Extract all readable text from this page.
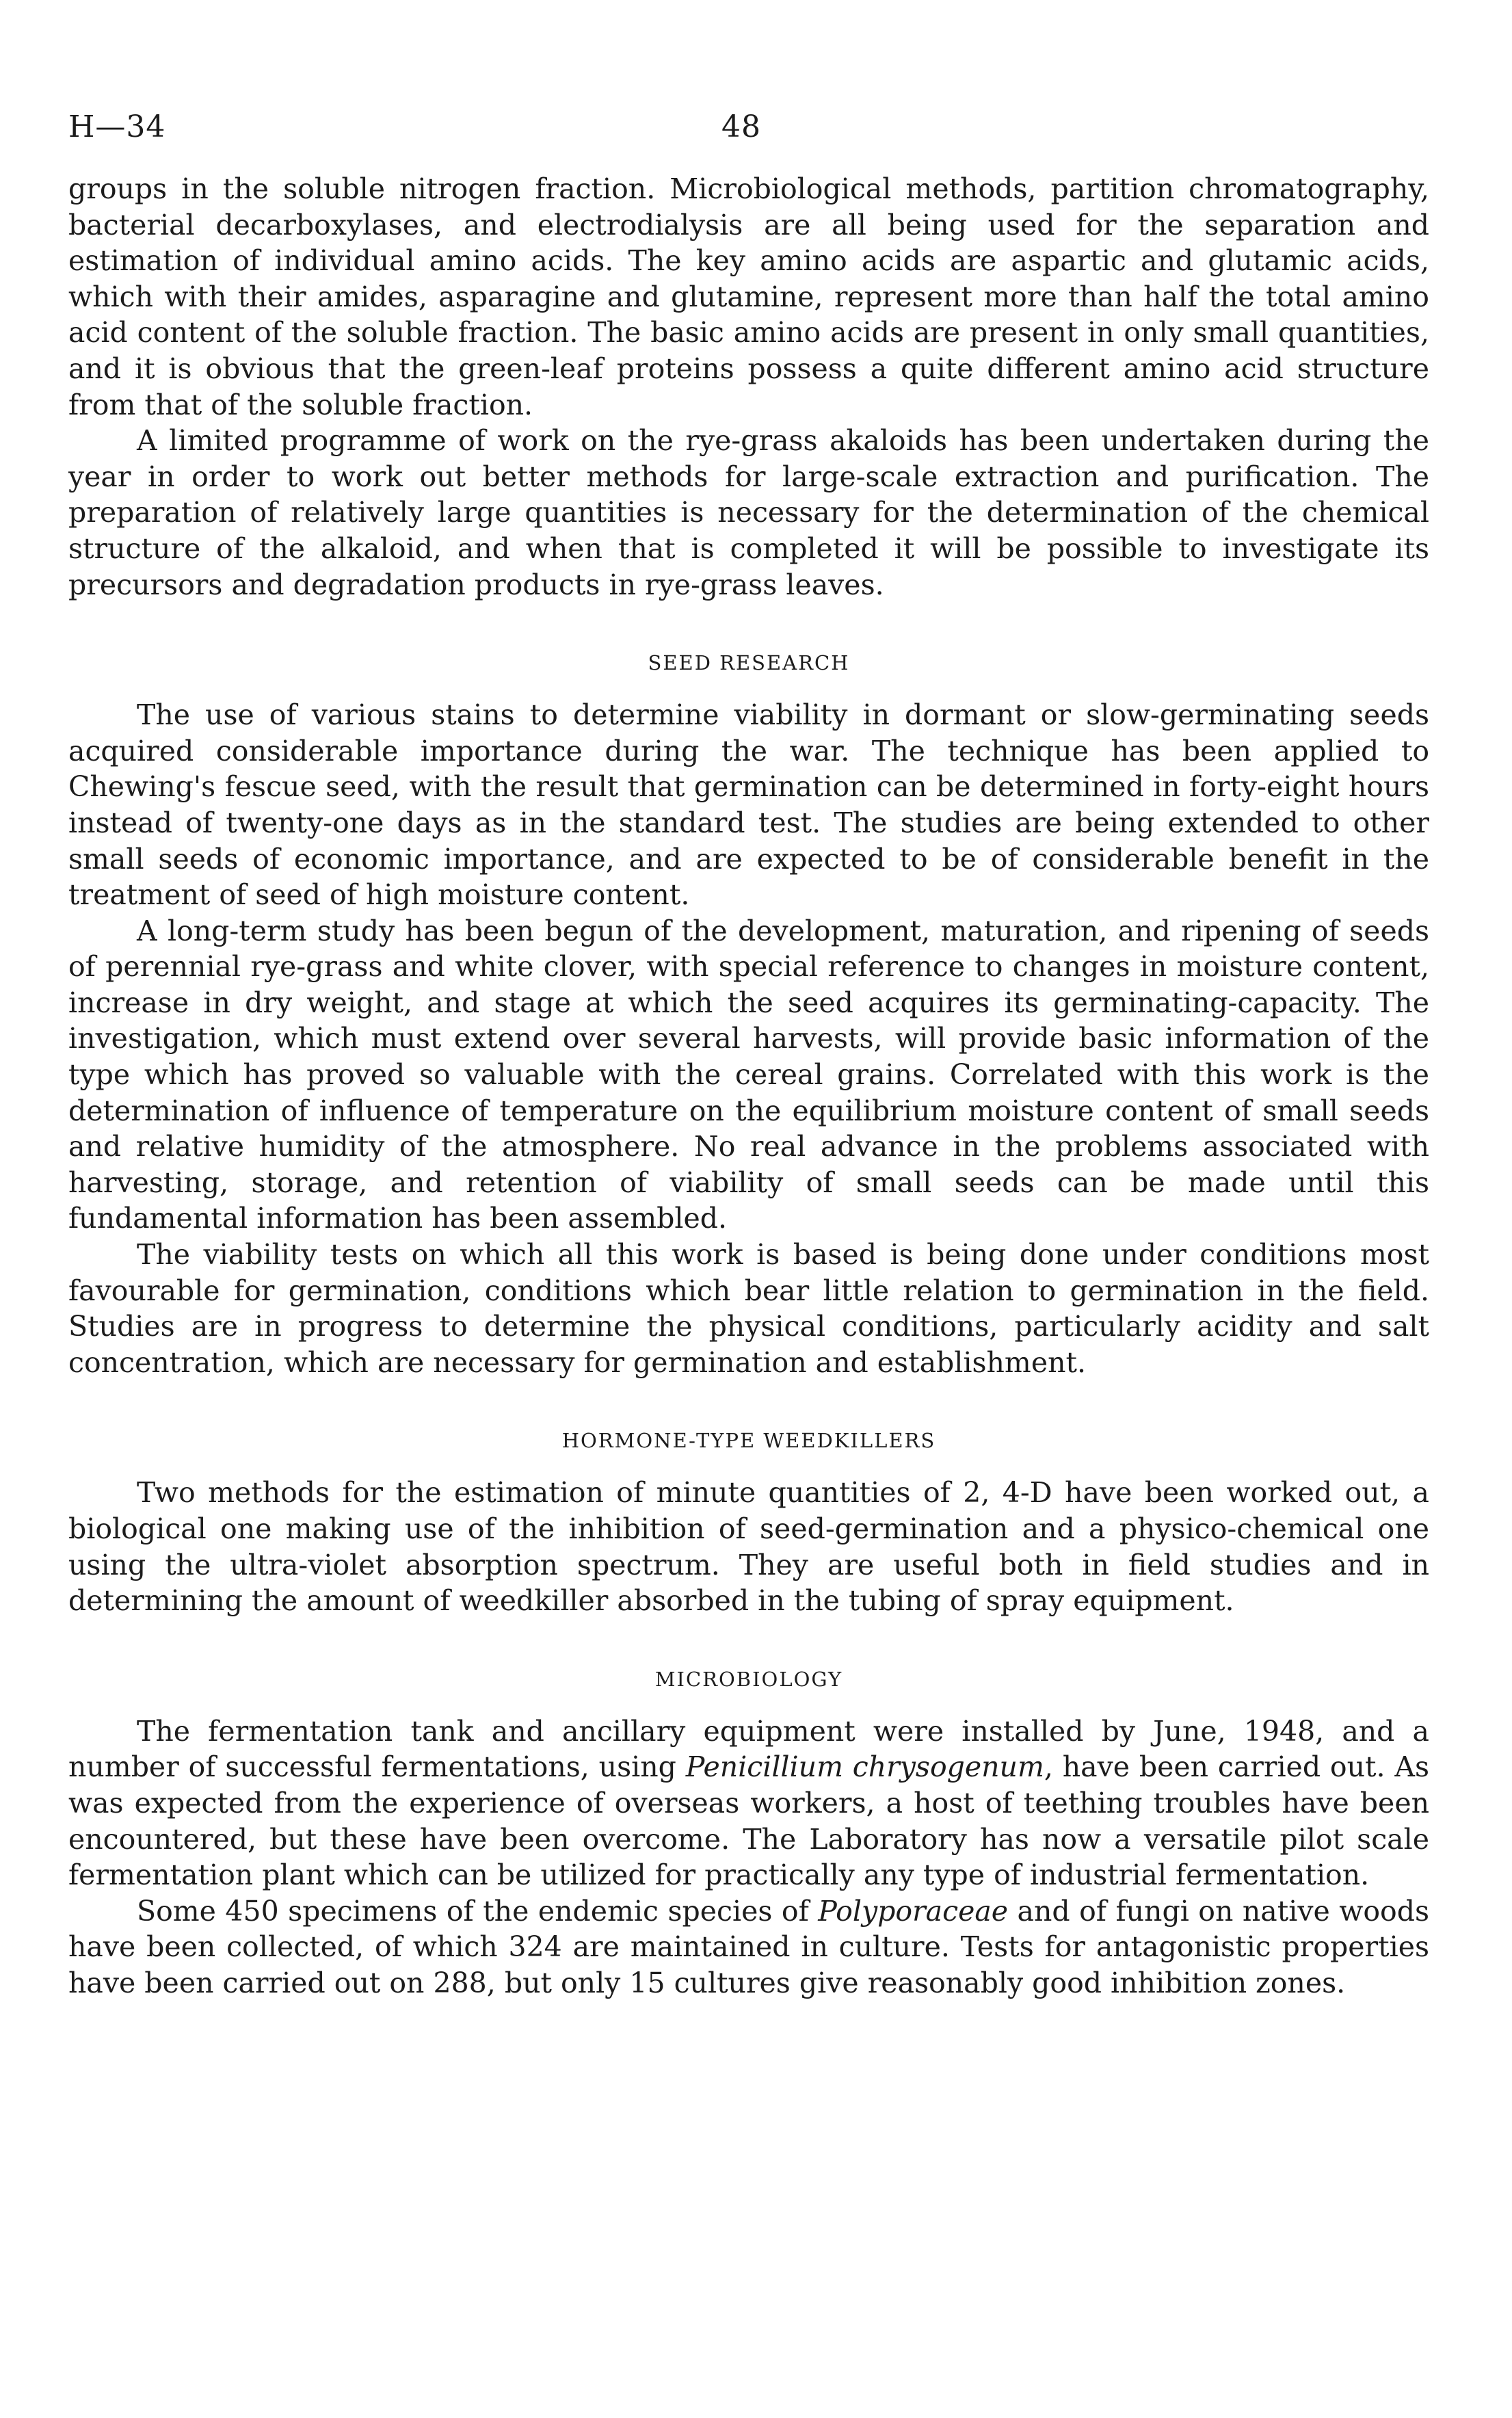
H—34	48

groups in the soluble nitrogen fraction. Microbiological methods, partition chromatography, bacterial decarboxylases, and electrodialysis are all being used for the separation and estimation of individual amino acids. The key amino acids are aspartic and glutamic acids, which with their amides, asparagine and glutamine, represent more than half the total amino acid content of the soluble fraction. The basic amino acids are present in only small quantities, and it is obvious that the green-leaf proteins possess a quite different amino acid structure from that of the soluble fraction.

A limited programme of work on the rye-grass akaloids has been undertaken during the year in order to work out better methods for large-scale extraction and purification. The preparation of relatively large quantities is necessary for the determination of the chemical structure of the alkaloid, and when that is completed it will be possible to investigate its precursors and degradation products in rye-grass leaves.

SEED RESEARCH

The use of various stains to determine viability in dormant or slow-germinating seeds acquired considerable importance during the war. The technique has been applied to Chewing's fescue seed, with the result that germination can be determined in forty-eight hours instead of twenty-one days as in the standard test. The studies are being extended to other small seeds of economic importance, and are expected to be of considerable benefit in the treatment of seed of high moisture content.

A long-term study has been begun of the development, maturation, and ripening of seeds of perennial rye-grass and white clover, with special reference to changes in moisture content, increase in dry weight, and stage at which the seed acquires its germinating-capacity. The investigation, which must extend over several harvests, will provide basic information of the type which has proved so valuable with the cereal grains. Correlated with this work is the determination of influence of temperature on the equilibrium moisture content of small seeds and relative humidity of the atmosphere. No real advance in the problems associated with harvesting, storage, and retention of viability of small seeds can be made until this fundamental information has been assembled.

The viability tests on which all this work is based is being done under conditions most favourable for germination, conditions which bear little relation to germination in the field. Studies are in progress to determine the physical conditions, particularly acidity and salt concentration, which are necessary for germination and establishment.

HORMONE-TYPE WEEDKILLERS

Two methods for the estimation of minute quantities of 2, 4-D have been worked out, a biological one making use of the inhibition of seed-germination and a physico-chemical one using the ultra-violet absorption spectrum. They are useful both in field studies and in determining the amount of weedkiller absorbed in the tubing of spray equipment.

MICROBIOLOGY

The fermentation tank and ancillary equipment were installed by June, 1948, and a number of successful fermentations, using Penicillium chrysogenum, have been carried out. As was expected from the experience of overseas workers, a host of teething troubles have been encountered, but these have been overcome. The Laboratory has now a versatile pilot scale fermentation plant which can be utilized for practically any type of industrial fermentation.

Some 450 specimens of the endemic species of Polyporaceae and of fungi on native woods have been collected, of which 324 are maintained in culture. Tests for antagonistic properties have been carried out on 288, but only 15 cultures give reasonably good inhibition zones.
